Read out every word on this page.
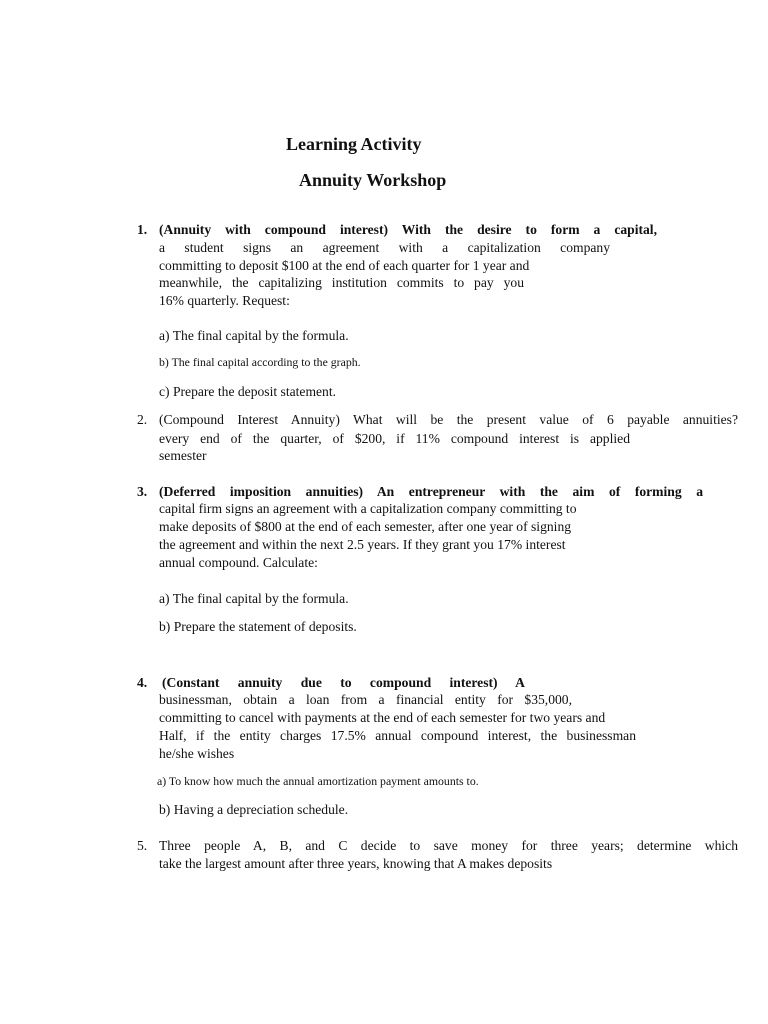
Learning Activity
Annuity Workshop
1. (Annuity with compound interest) With the desire to form a capital,
a student signs an agreement with a capitalization company
committing to deposit $100 at the end of each quarter for 1 year and
meanwhile, the capitalizing institution commits to pay you
16% quarterly. Request:
a) The final capital by the formula.
b) The final capital according to the graph.
c) Prepare the deposit statement.
2. (Compound Interest Annuity) What will be the present value of 6 payable annuities?
every end of the quarter, of $200, if 11% compound interest is applied
semester
3. (Deferred imposition annuities) An entrepreneur with the aim of forming a
capital firm signs an agreement with a capitalization company committing to
make deposits of $800 at the end of each semester, after one year of signing
the agreement and within the next 2.5 years. If they grant you 17% interest
annual compound. Calculate:
a) The final capital by the formula.
b) Prepare the statement of deposits.
4. (Constant annuity due to compound interest) A
businessman, obtain a loan from a financial entity for $35,000,
committing to cancel with payments at the end of each semester for two years and
Half, if the entity charges 17.5% annual compound interest, the businessman
he/she wishes
a) To know how much the annual amortization payment amounts to.
b) Having a depreciation schedule.
5. Three people A, B, and C decide to save money for three years; determine which
take the largest amount after three years, knowing that A makes deposits
